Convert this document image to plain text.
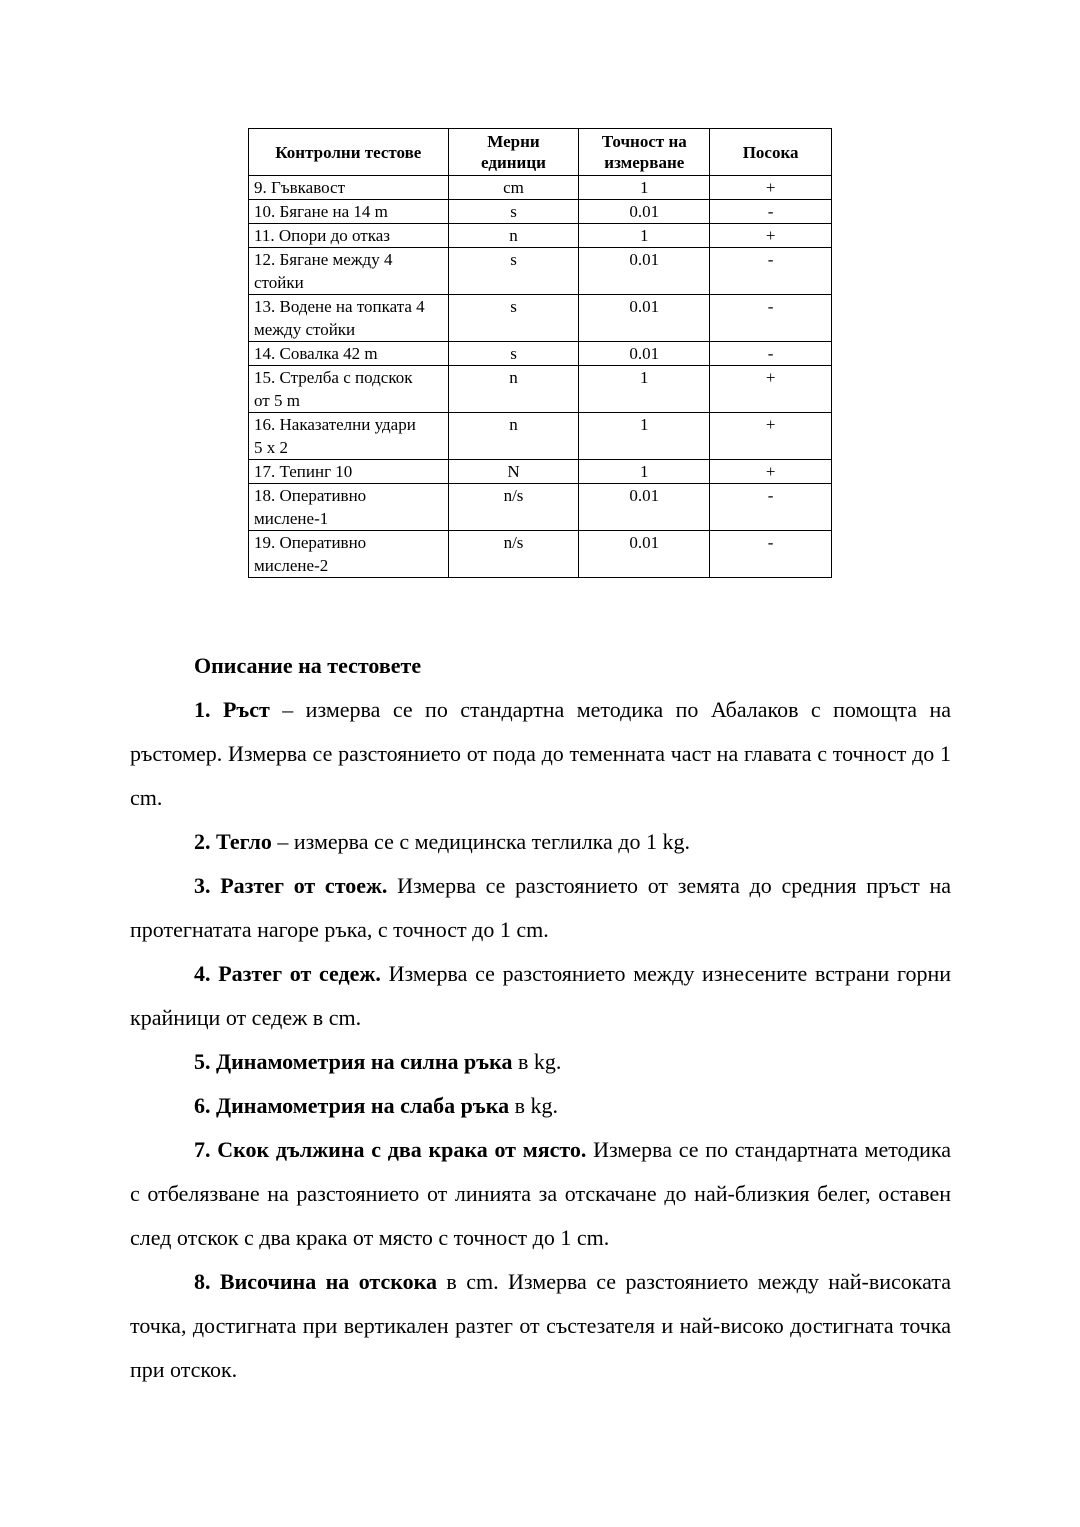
Контролни тестове	Мерни единици	Точност на измерване	Посока
9. Гъвкавост	cm	1	+
10. Бягане на 14 m	s	0.01	-
11. Опори до отказ	n	1	+
12. Бягане между 4 стойки	s	0.01	-
13. Водене на топката 4 между стойки	s	0.01	-
14. Совалка 42 m	s	0.01	-
15. Стрелба с подскок от 5 m	n	1	+
16. Наказателни удари 5 х 2	n	1	+
17. Тепинг 10	N	1	+
18. Оперативно мислене-1	n/s	0.01	-
19. Оперативно мислене-2	n/s	0.01	-

Описание на тестовете

1. Ръст – измерва се по стандартна методика по Абалаков с помощта на ръстомер. Измерва се разстоянието от пода до теменната част на главата с точност до 1 cm.

2. Тегло – измерва се с медицинска теглилка до 1 kg.

3. Разтег от стоеж. Измерва се разстоянието от земята до средния пръст на протегнатата нагоре ръка, с точност до 1 cm.

4. Разтег от седеж. Измерва се разстоянието между изнесените встрани горни крайници от седеж в cm.

5. Динамометрия на силна ръка в kg.

6. Динамометрия на слаба ръка в kg.

7. Скок дължина с два крака от място. Измерва се по стандартната методика с отбелязване на разстоянието от линията за отскачане до най-близкия белег, оставен след отскок с два крака от място с точност до 1 cm.

8. Височина на отскока в cm. Измерва се разстоянието между най-високата точка, достигната при вертикален разтег от състезателя и най-високо достигната точка при отскок.
